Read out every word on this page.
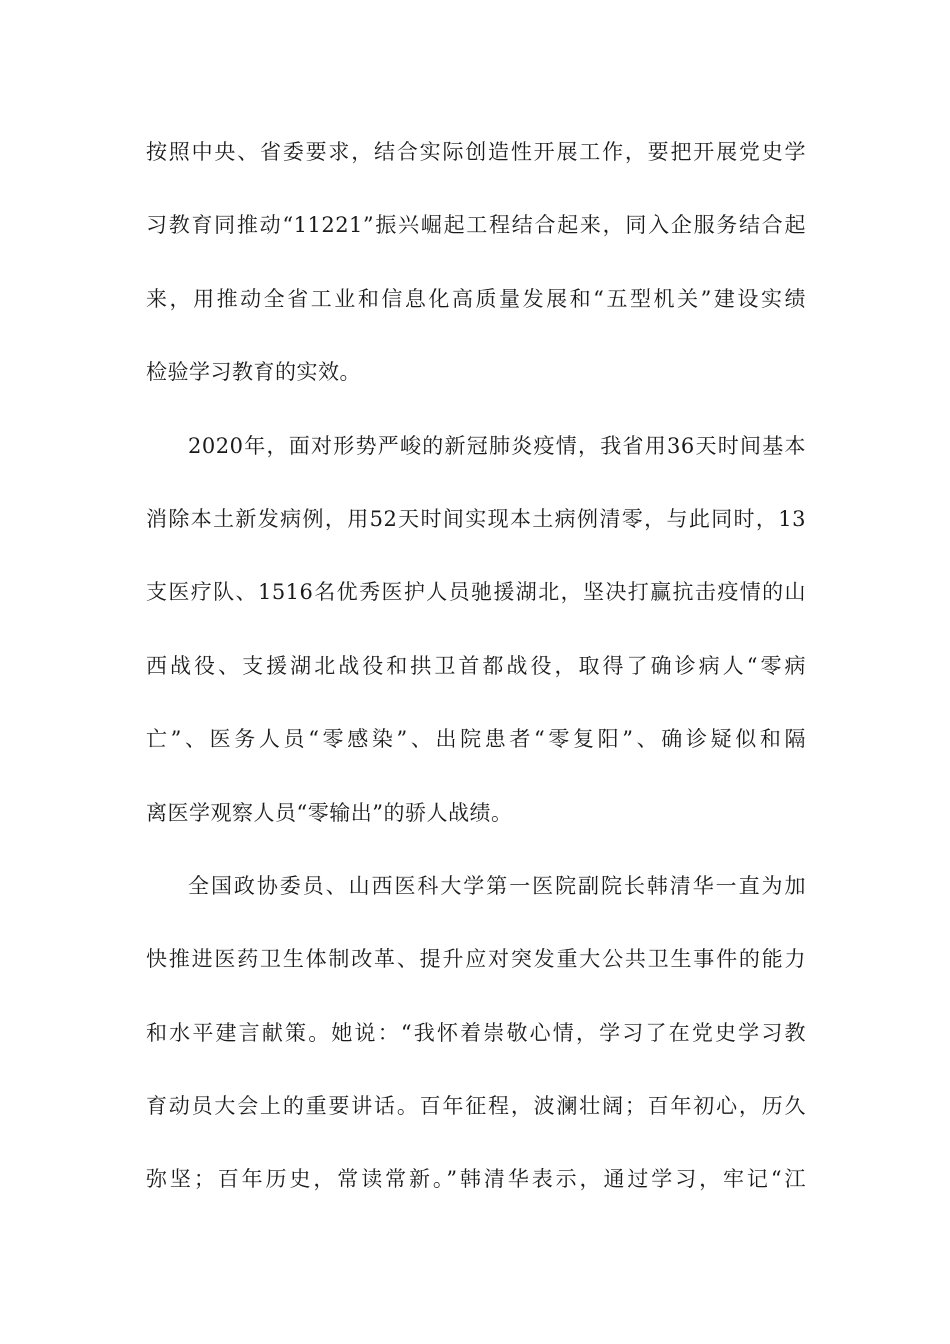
按照中央、省委要求，结合实际创造性开展工作，要把开展党史学
习教育同推动“11221”振兴崛起工程结合起来，同入企服务结合起
来，用推动全省工业和信息化高质量发展和“五型机关”建设实绩
检验学习教育的实效。
2020年，面对形势严峻的新冠肺炎疫情，我省用36天时间基本
消除本土新发病例，用52天时间实现本土病例清零，与此同时，13
支医疗队、1516名优秀医护人员驰援湖北，坚决打赢抗击疫情的山
西战役、支援湖北战役和拱卫首都战役，取得了确诊病人“零病
亡”、医务人员“零感染”、出院患者“零复阳”、确诊疑似和隔
离医学观察人员“零输出”的骄人战绩。
全国政协委员、山西医科大学第一医院副院长韩清华一直为加
快推进医药卫生体制改革、提升应对突发重大公共卫生事件的能力
和水平建言献策。她说：“我怀着崇敬心情，学习了在党史学习教
育动员大会上的重要讲话。百年征程，波澜壮阔；百年初心，历久
弥坚；百年历史，常读常新。”韩清华表示，通过学习，牢记“江
